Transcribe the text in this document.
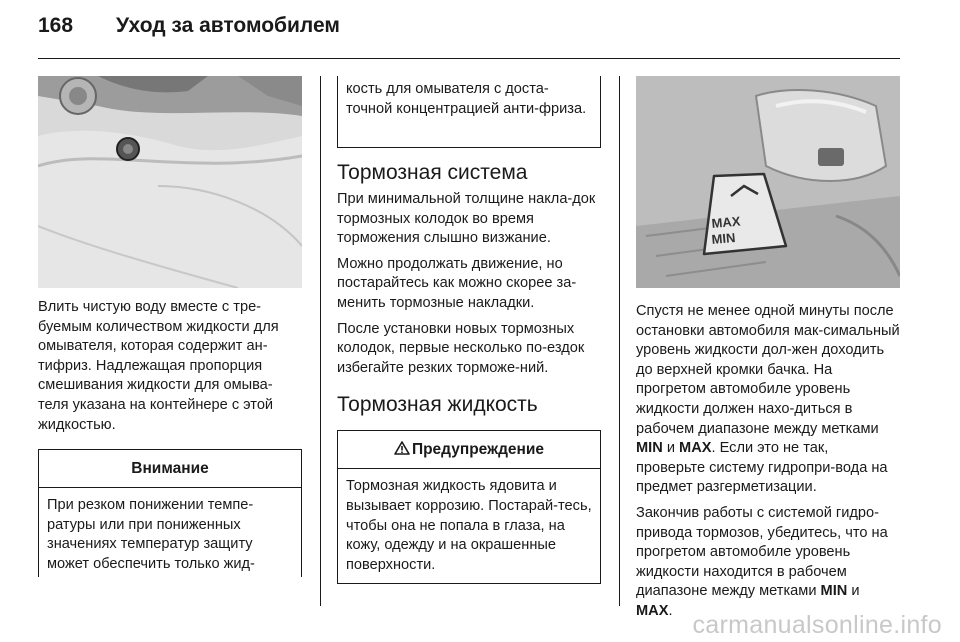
168	Уход за автомобилем

Влить чистую воду вместе с тре-буемым количеством жидкости для омывателя, которая содержит ан-тифриз. Надлежащая пропорция смешивания жидкости для омыва-теля указана на контейнере с этой жидкостью.

Внимание
При резком понижении темпе-ратуры или при пониженных значениях температур защиту может обеспечить только жид-
кость для омывателя с доста-точной концентрацией анти-фриза.
Тормозная система

При минимальной толщине накла-док тормозных колодок во время торможения слышно визжание.

Можно продолжать движение, но постарайтесь как можно скорее за-менить тормозные накладки.

После установки новых тормозных колодок, первые несколько по-ездок избегайте резких торможе-ний.

Тормозная жидкость
Предупреждение
Тормозная жидкость ядовита и вызывает коррозию. Постарай-тесь, чтобы она не попала в глаза, на кожу, одежду и на окрашенные поверхности.
MAX
MIN

Спустя не менее одной минуты после остановки автомобиля мак-симальный уровень жидкости дол-жен доходить до верхней кромки бачка. На прогретом автомобиле уровень жидкости должен нахо-диться в рабочем диапазоне между метками MIN и MAX. Если это не так, проверьте систему гидропри-вода на предмет разгерметизации.

Закончив работы с системой гидро-привода тормозов, убедитесь, что на прогретом автомобиле уровень жидкости находится в рабочем диапазоне между метками MIN и MAX.

carmanualsonline.info
